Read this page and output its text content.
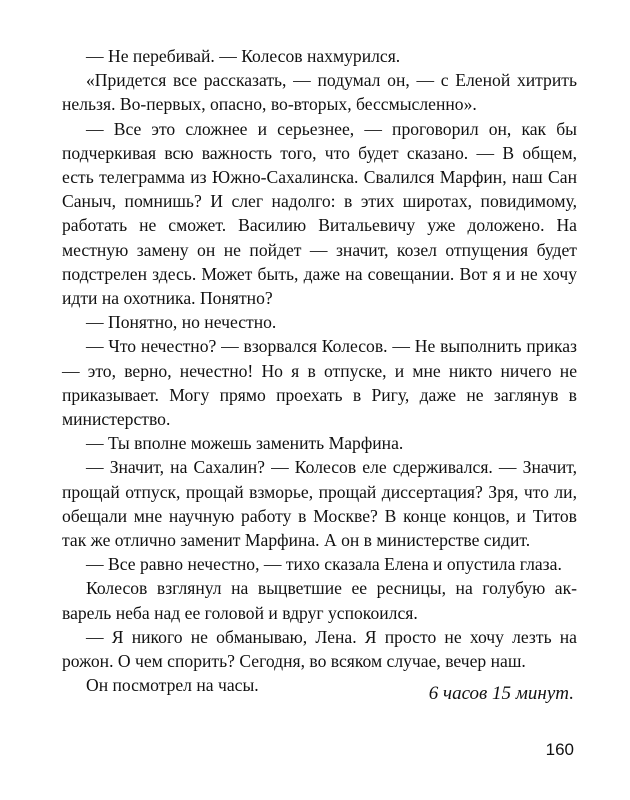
— Не перебивай. — Колесов нахмурился.

«Придется все рассказать, — подумал он, — с Еленой хитрить нельзя. Во-первых, опасно, во-вторых, бессмысленно».

— Все это сложнее и серьезнее, — проговорил он, как бы подчеркивая всю важность того, что будет сказано. — В общем, есть телеграмма из Южно-Сахалинска. Свалился Марфин, наш Сан Саныч, помнишь? И слег надолго: в этих широтах, повидимому, работать не сможет. Василию Витальевичу уже доложено. На местную замену он не пойдет — значит, козел отпущения будет подстрелен здесь. Может быть, даже на совещании. Вот я и не хочу идти на охотника. Понятно?

— Понятно, но нечестно.

— Что нечестно? — взорвался Колесов. — Не выполнить приказ — это, верно, нечестно! Но я в отпуске, и мне никто ничего не приказывает. Могу прямо проехать в Ригу, даже не заглянув в министерство.

— Ты вполне можешь заменить Марфина.

— Значит, на Сахалин? — Колесов еле сдерживался. — Значит, прощай отпуск, прощай взморье, прощай диссертация? Зря, что ли, обещали мне научную работу в Москве? В конце концов, и Титов так же отлично заменит Марфина. А он в министерстве сидит.

— Все равно нечестно, — тихо сказала Елена и опустила глаза.

Колесов взглянул на выцветшие ее ресницы, на голубую акварель неба над ее головой и вдруг успокоился.

— Я никого не обманываю, Лена. Я просто не хочу лезть на рожон. О чем спорить? Сегодня, во всяком случае, вечер наш.

Он посмотрел на часы.	6 часов 15 минут.
160
